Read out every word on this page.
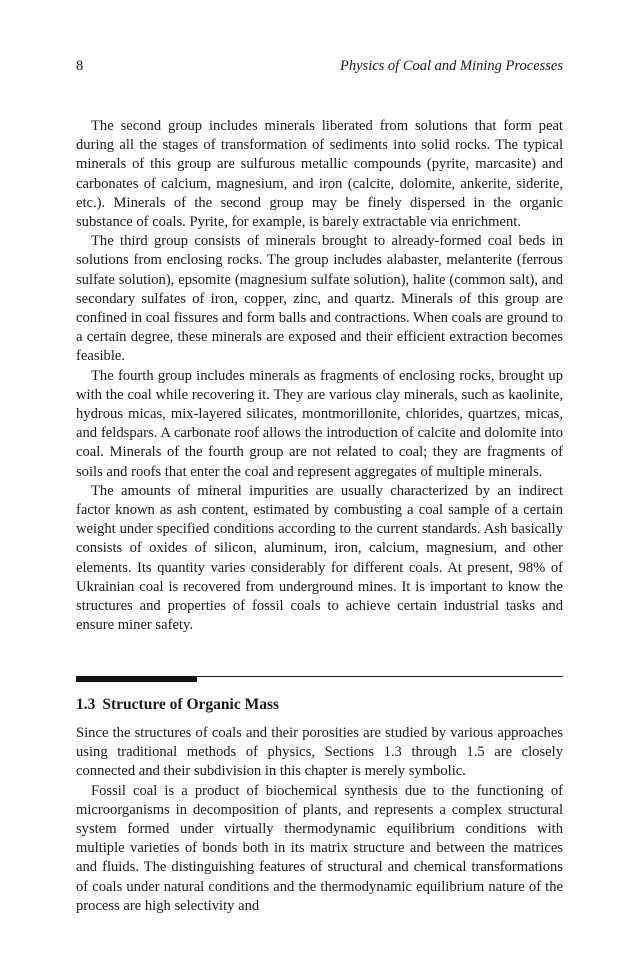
8	Physics of Coal and Mining Processes

The second group includes minerals liberated from solutions that form peat during all the stages of transformation of sediments into solid rocks. The typical minerals of this group are sulfurous metallic compounds (pyrite, marcasite) and carbonates of calcium, magnesium, and iron (calcite, dolomite, ankerite, siderite, etc.). Minerals of the second group may be finely dispersed in the organic substance of coals. Pyrite, for example, is barely extractable via enrichment.

The third group consists of minerals brought to already-formed coal beds in solutions from enclosing rocks. The group includes alabaster, melanterite (ferrous sulfate solution), epsomite (magnesium sulfate solution), halite (common salt), and secondary sulfates of iron, copper, zinc, and quartz. Minerals of this group are confined in coal fissures and form balls and contractions. When coals are ground to a certain degree, these minerals are exposed and their efficient extraction becomes feasible.

The fourth group includes minerals as fragments of enclosing rocks, brought up with the coal while recovering it. They are various clay minerals, such as kaolinite, hydrous micas, mix-layered silicates, montmorillonite, chlorides, quartzes, micas, and feldspars. A carbonate roof allows the introduction of calcite and dolomite into coal. Minerals of the fourth group are not related to coal; they are fragments of soils and roofs that enter the coal and represent aggregates of multiple minerals.

The amounts of mineral impurities are usually characterized by an indirect factor known as ash content, estimated by combusting a coal sample of a certain weight under specified conditions according to the current standards. Ash basically consists of oxides of silicon, aluminum, iron, calcium, magnesium, and other elements. Its quantity varies considerably for different coals. At present, 98% of Ukrainian coal is recovered from underground mines. It is important to know the structures and properties of fossil coals to achieve certain industrial tasks and ensure miner safety.

1.3 Structure of Organic Mass

Since the structures of coals and their porosities are studied by various approaches using traditional methods of physics, Sections 1.3 through 1.5 are closely connected and their subdivision in this chapter is merely symbolic.

Fossil coal is a product of biochemical synthesis due to the functioning of microorganisms in decomposition of plants, and represents a complex structural system formed under virtually thermodynamic equilibrium conditions with multiple varieties of bonds both in its matrix structure and between the matrices and fluids. The distinguishing features of structural and chemical transformations of coals under natural conditions and the thermodynamic equilibrium nature of the process are high selectivity and
